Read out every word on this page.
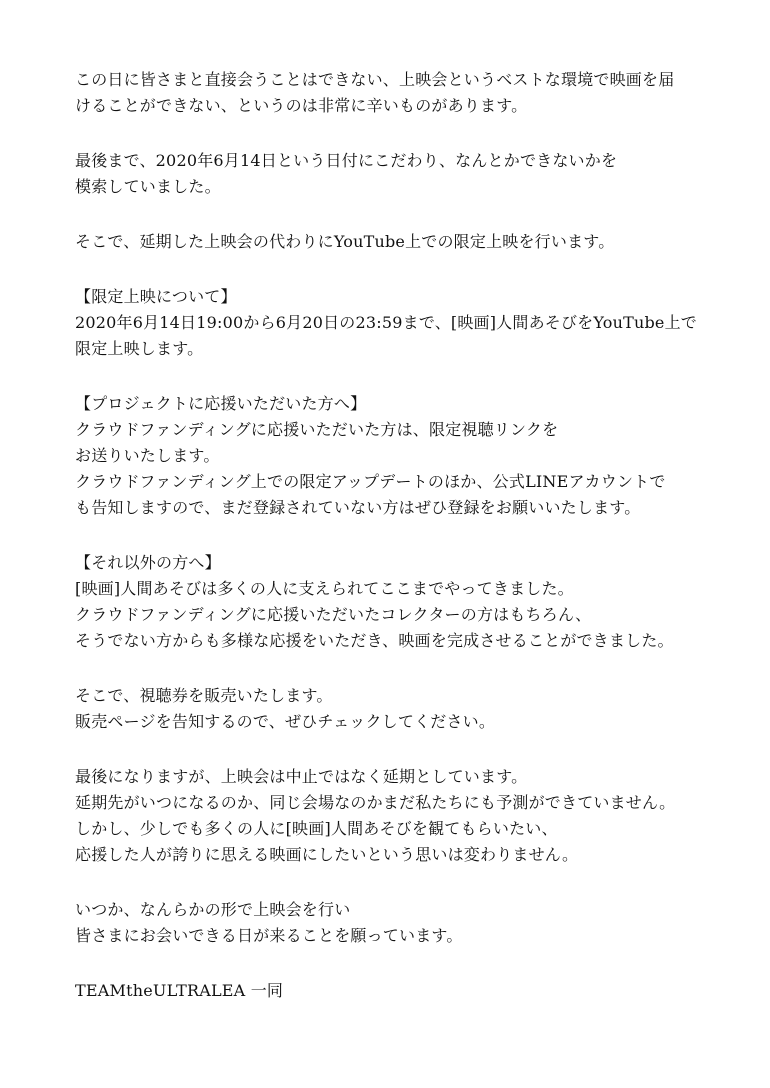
この日に皆さまと直接会うことはできない、上映会というベストな環境で映画を届
けることができない、というのは非常に辛いものがあります。

最後まで、2020年6月14日という日付にこだわり、なんとかできないかを
模索していました。

そこで、延期した上映会の代わりにYouTube上での限定上映を行います。

【限定上映について】
2020年6月14日19:00から6月20日の23:59まで、[映画]人間あそびをYouTube上で
限定上映します。

【プロジェクトに応援いただいた方へ】
クラウドファンディングに応援いただいた方は、限定視聴リンクを
お送りいたします。
クラウドファンディング上での限定アップデートのほか、公式LINEアカウントで
も告知しますので、まだ登録されていない方はぜひ登録をお願いいたします。

【それ以外の方へ】
[映画]人間あそびは多くの人に支えられてここまでやってきました。
クラウドファンディングに応援いただいたコレクターの方はもちろん、
そうでない方からも多様な応援をいただき、映画を完成させることができました。

そこで、視聴券を販売いたします。
販売ページを告知するので、ぜひチェックしてください。

最後になりますが、上映会は中止ではなく延期としています。
延期先がいつになるのか、同じ会場なのかまだ私たちにも予測ができていません。
しかし、少しでも多くの人に[映画]人間あそびを観てもらいたい、
応援した人が誇りに思える映画にしたいという思いは変わりません。

いつか、なんらかの形で上映会を行い
皆さまにお会いできる日が来ることを願っています。

TEAMtheULTRALEA 一同
